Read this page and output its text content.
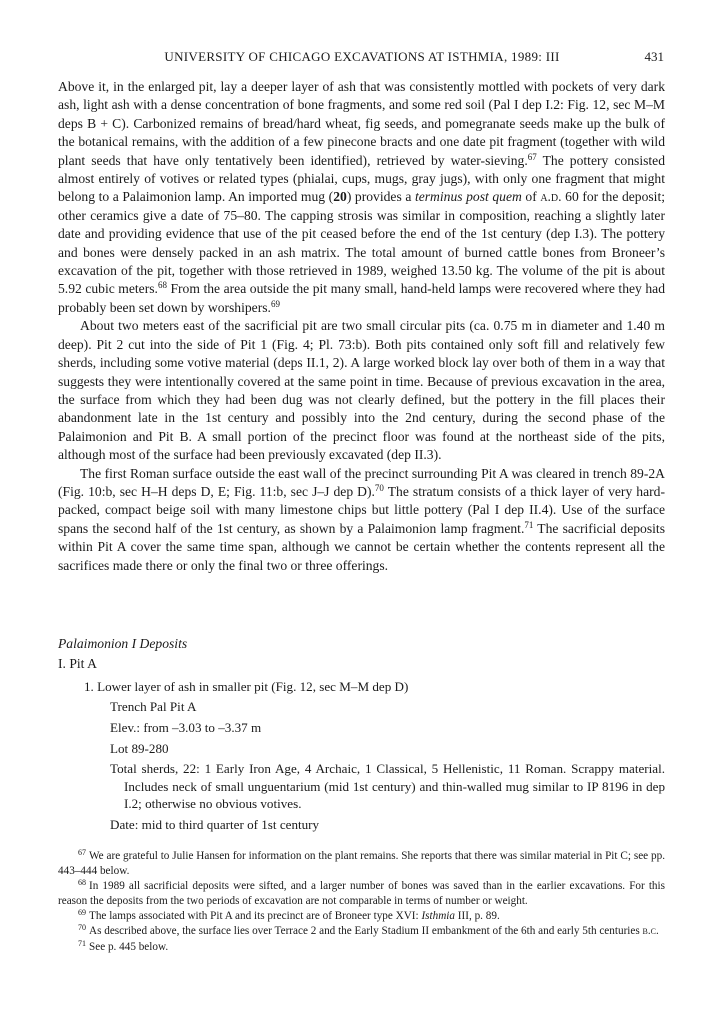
UNIVERSITY OF CHICAGO EXCAVATIONS AT ISTHMIA, 1989: III	431

Above it, in the enlarged pit, lay a deeper layer of ash that was consistently mottled with pockets of very dark ash, light ash with a dense concentration of bone fragments, and some red soil (Pal I dep I.2: Fig. 12, sec M–M deps B + C). Carbonized remains of bread/hard wheat, fig seeds, and pomegranate seeds make up the bulk of the botanical remains, with the addition of a few pinecone bracts and one date pit fragment (together with wild plant seeds that have only tentatively been identified), retrieved by water-sieving.$^{67}$ The pottery consisted almost entirely of votives or related types (phialai, cups, mugs, gray jugs), with only one fragment that might belong to a Palaimonion lamp. An imported mug (20) provides a terminus post quem of a.d. 60 for the deposit; other ceramics give a date of 75–80. The capping strosis was similar in composition, reaching a slightly later date and providing evidence that use of the pit ceased before the end of the 1st century (dep I.3). The pottery and bones were densely packed in an ash matrix. The total amount of burned cattle bones from Broneer’s excavation of the pit, together with those retrieved in 1989, weighed 13.50 kg. The volume of the pit is about 5.92 cubic meters.$^{68}$ From the area outside the pit many small, hand-held lamps were recovered where they had probably been set down by worshipers.$^{69}$

About two meters east of the sacrificial pit are two small circular pits (ca. 0.75 m in diameter and 1.40 m deep). Pit 2 cut into the side of Pit 1 (Fig. 4; Pl. 73:b). Both pits contained only soft fill and relatively few sherds, including some votive material (deps II.1, 2). A large worked block lay over both of them in a way that suggests they were intentionally covered at the same point in time. Because of previous excavation in the area, the surface from which they had been dug was not clearly defined, but the pottery in the fill places their abandonment late in the 1st century and possibly into the 2nd century, during the second phase of the Palaimonion and Pit B. A small portion of the precinct floor was found at the northeast side of the pits, although most of the surface had been previously excavated (dep II.3).

The first Roman surface outside the east wall of the precinct surrounding Pit A was cleared in trench 89-2A (Fig. 10:b, sec H–H deps D, E; Fig. 11:b, sec J–J dep D).$^{70}$ The stratum consists of a thick layer of very hard-packed, compact beige soil with many limestone chips but little pottery (Pal I dep II.4). Use of the surface spans the second half of the 1st century, as shown by a Palaimonion lamp fragment.$^{71}$ The sacrificial deposits within Pit A cover the same time span, although we cannot be certain whether the contents represent all the sacrifices made there or only the final two or three offerings.

Palaimonion I Deposits
I. Pit A
1. Lower layer of ash in smaller pit (Fig. 12, sec M–M dep D)
Trench Pal Pit A
Elev.: from –3.03 to –3.37 m
Lot 89-280
Total sherds, 22: 1 Early Iron Age, 4 Archaic, 1 Classical, 5 Hellenistic, 11 Roman. Scrappy material. Includes neck of small unguentarium (mid 1st century) and thin-walled mug similar to IP 8196 in dep I.2; otherwise no obvious votives.
Date: mid to third quarter of 1st century

$^{67}$ We are grateful to Julie Hansen for information on the plant remains. She reports that there was similar material in Pit C; see pp. 443–444 below.

$^{68}$ In 1989 all sacrificial deposits were sifted, and a larger number of bones was saved than in the earlier excavations. For this reason the deposits from the two periods of excavation are not comparable in terms of number or weight.

$^{69}$ The lamps associated with Pit A and its precinct are of Broneer type XVI: Isthmia III, p. 89.

$^{70}$ As described above, the surface lies over Terrace 2 and the Early Stadium II embankment of the 6th and early 5th centuries b.c.

$^{71}$ See p. 445 below.
